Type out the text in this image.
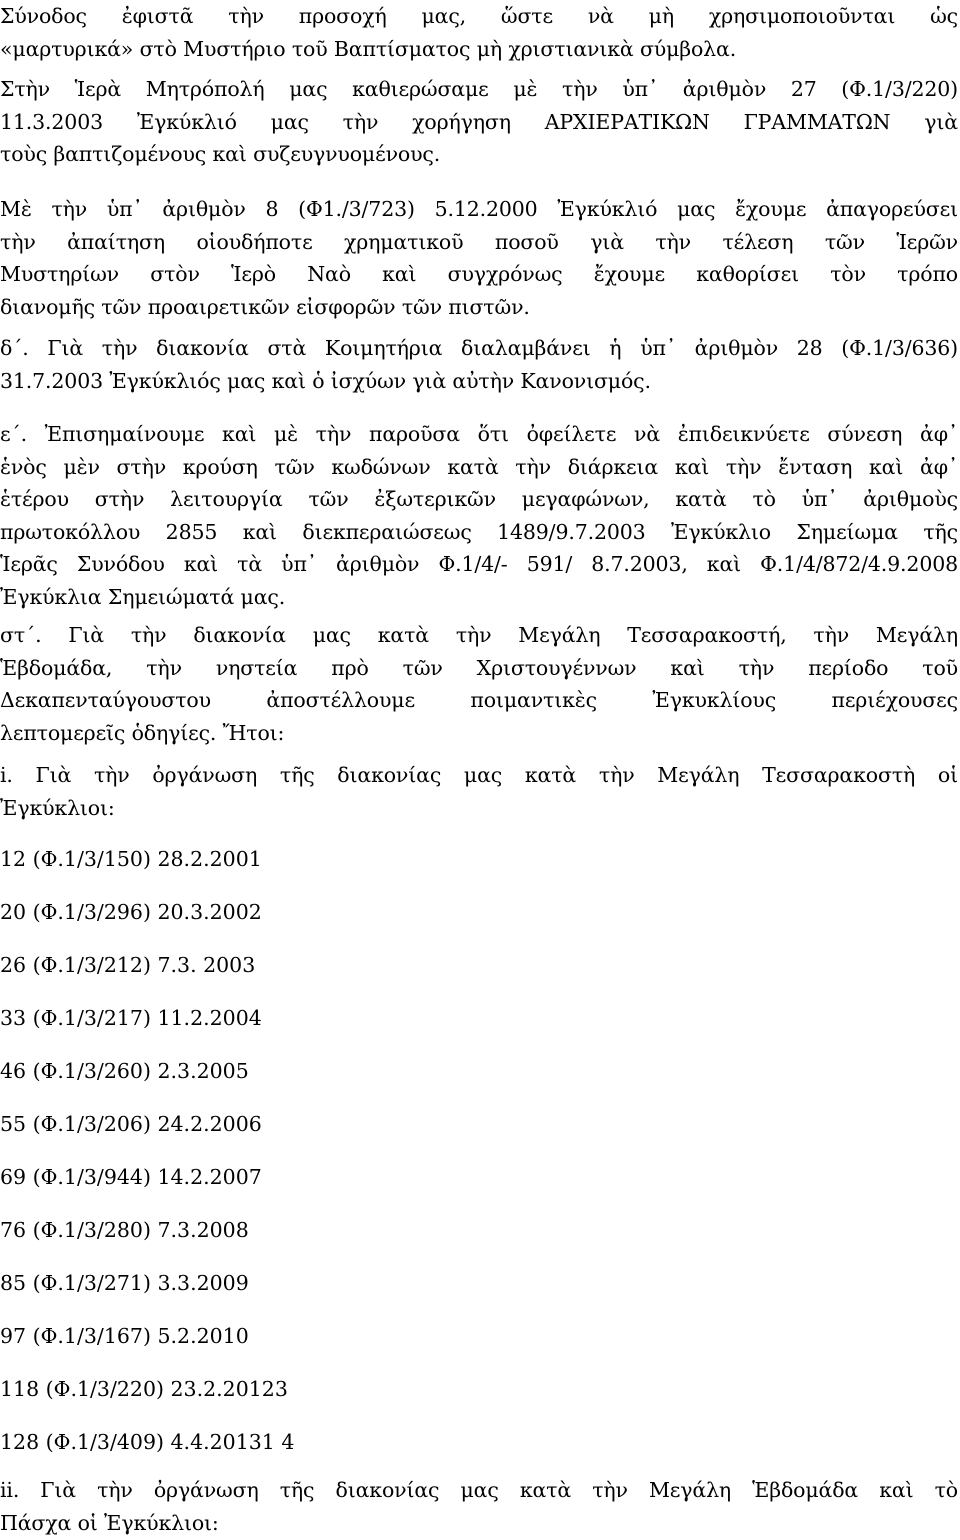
Σύνοδος ἐφιστᾶ τὴν προσοχή μας, ὥστε νὰ μὴ χρησιμοποιοῦνται ὡς
«μαρτυρικά» στὸ Μυστήριο τοῦ Βαπτίσματος μὴ χριστιανικὰ σύμβολα.
Στὴν Ἱερὰ Μητρόπολή μας καθιερώσαμε μὲ τὴν ὑπ᾽ ἀριθμὸν 27 (Φ.1/3/220)
11.3.2003 Ἐγκύκλιό μας τὴν χορήγηση ΑΡΧΙΕΡΑΤΙΚΩΝ ΓΡΑΜΜΑΤΩΝ γιὰ
τοὺς βαπτιζομένους καὶ συζευγνυομένους.
Μὲ τὴν ὑπ᾽ ἀριθμὸν 8 (Φ1./3/723) 5.12.2000 Ἐγκύκλιό μας ἔχουμε ἀπαγορεύσει
τὴν ἀπαίτηση οἱουδήποτε χρηματικοῦ ποσοῦ γιὰ τὴν τέλεση τῶν Ἱερῶν
Μυστηρίων στὸν Ἱερὸ Ναὸ καὶ συγχρόνως ἔχουμε καθορίσει τὸν τρόπο
διανομῆς τῶν προαιρετικῶν εἰσφορῶν τῶν πιστῶν.
δ΄. Γιὰ τὴν διακονία στὰ Κοιμητήρια διαλαμβάνει ἡ ὑπ᾽ ἀριθμὸν 28 (Φ.1/3/636)
31.7.2003 Ἐγκύκλιός μας καὶ ὁ ἰσχύων γιὰ αὐτὴν Κανονισμός.
ε΄. Ἐπισημαίνουμε καὶ μὲ τὴν παροῦσα ὅτι ὀφείλετε νὰ ἐπιδεικνύετε σύνεση ἀφ᾽
ἑνὸς μὲν στὴν κρούση τῶν κωδώνων κατὰ τὴν διάρκεια καὶ τὴν ἔνταση καὶ ἀφ᾽
ἑτέρου στὴν λειτουργία τῶν ἐξωτερικῶν μεγαφώνων, κατὰ τὸ ὑπ᾽ ἀριθμοὺς
πρωτοκόλλου 2855 καὶ διεκπεραιώσεως 1489/9.7.2003 Ἐγκύκλιο Σημείωμα τῆς
Ἱερᾶς Συνόδου καὶ τὰ ὑπ᾽ ἀριθμὸν Φ.1/4/- 591/ 8.7.2003, καὶ Φ.1/4/872/4.9.2008
Ἐγκύκλια Σημειώματά μας.
στ΄. Γιὰ τὴν διακονία μας κατὰ τὴν Μεγάλη Τεσσαρακοστή, τὴν Μεγάλη
Ἑβδομάδα, τὴν νηστεία πρὸ τῶν Χριστουγέννων καὶ τὴν περίοδο τοῦ
Δεκαπενταύγουστου ἀποστέλλουμε ποιμαντικὲς Ἐγκυκλίους περιέχουσες
λεπτομερεῖς ὁδηγίες. Ἤτοι:
i. Γιὰ τὴν ὀργάνωση τῆς διακονίας μας κατὰ τὴν Μεγάλη Τεσσαρακοστὴ οἱ
Ἐγκύκλιοι:
12 (Φ.1/3/150) 28.2.2001
20 (Φ.1/3/296) 20.3.2002
26 (Φ.1/3/212) 7.3. 2003
33 (Φ.1/3/217) 11.2.2004
46 (Φ.1/3/260) 2.3.2005
55 (Φ.1/3/206) 24.2.2006
69 (Φ.1/3/944) 14.2.2007
76 (Φ.1/3/280) 7.3.2008
85 (Φ.1/3/271) 3.3.2009
97 (Φ.1/3/167) 5.2.2010
118 (Φ.1/3/220) 23.2.20123
128 (Φ.1/3/409) 4.4.20131 4
ii. Γιὰ τὴν ὀργάνωση τῆς διακονίας μας κατὰ τὴν Μεγάλη Ἑβδομάδα καὶ τὸ
Πάσχα οἱ Ἐγκύκλιοι:
